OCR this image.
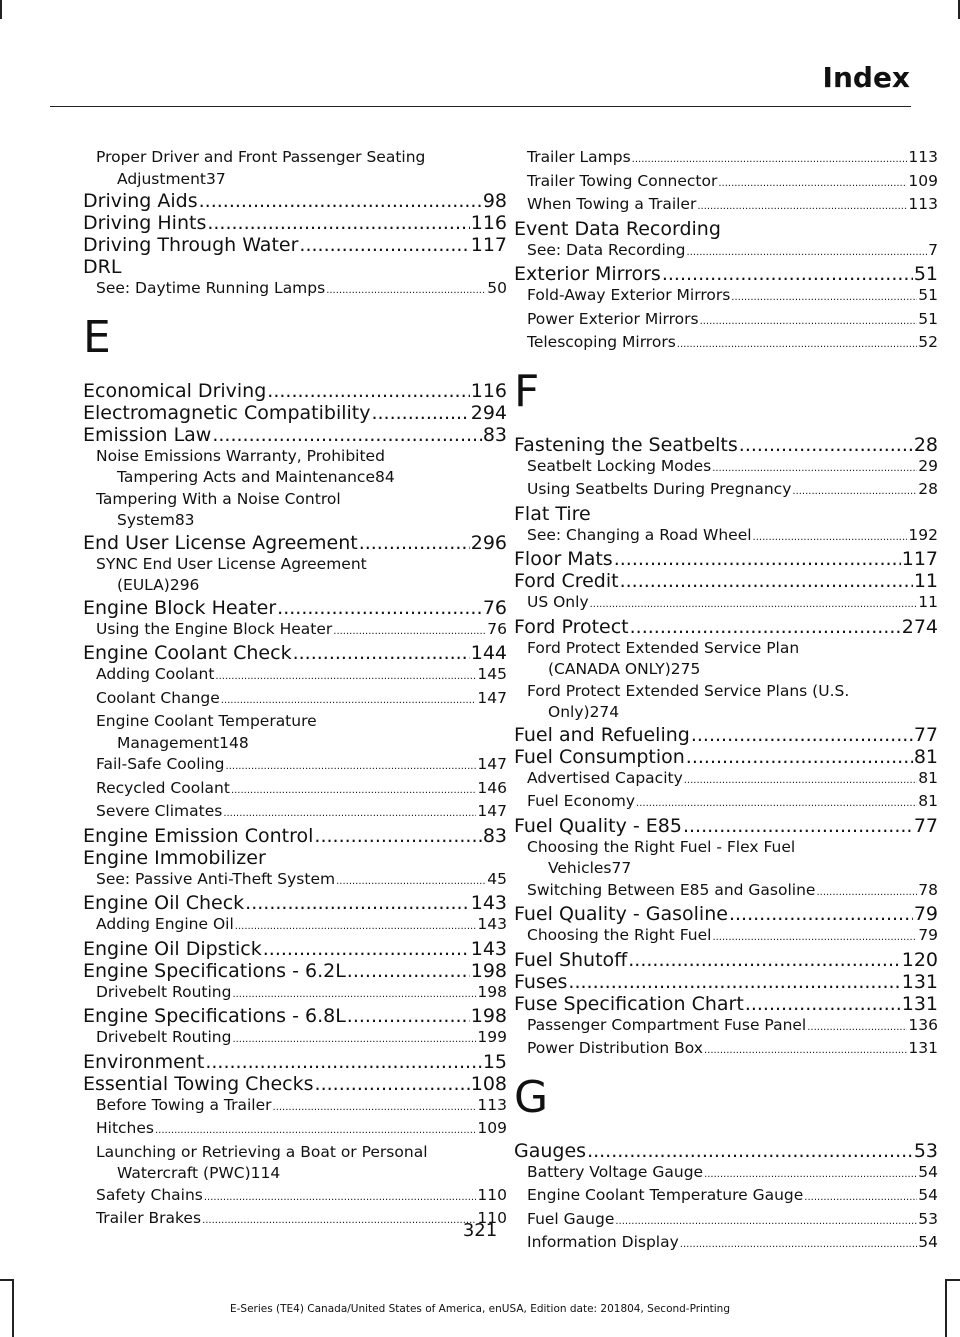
Index
Proper Driver and Front Passenger Seating
Adjustment 37
Driving Aids .....	98
Driving Hints .....	116
Driving Through Water .....	117
DRL
See: Daytime Running Lamps .....	50
E
Economical Driving .....	116
Electromagnetic Compatibility .....	294
Emission Law .....	83
Noise Emissions Warranty, Prohibited
Tampering Acts and Maintenance 84
Tampering With a Noise Control
System 83
End User License Agreement .....	296
SYNC End User License Agreement
(EULA) 296
Engine Block Heater .....	76
Using the Engine Block Heater .....	76
Engine Coolant Check .....	144
Adding Coolant .....	145
Coolant Change .....	147
Engine Coolant Temperature
Management 148
Fail-Safe Cooling .....	147
Recycled Coolant .....	146
Severe Climates .....	147
Engine Emission Control .....	83
Engine Immobilizer
See: Passive Anti-Theft System .....	45
Engine Oil Check .....	143
Adding Engine Oil .....	143
Engine Oil Dipstick .....	143
Engine Specifications - 6.2L .....	198
Drivebelt Routing .....	198
Engine Specifications - 6.8L .....	198
Drivebelt Routing .....	199
Environment .....	15
Essential Towing Checks .....	108
Before Towing a Trailer .....	113
Hitches .....	109
Launching or Retrieving a Boat or Personal
Watercraft (PWC) 114
Safety Chains .....	110
Trailer Brakes .....	110
Trailer Lamps .....	113
Trailer Towing Connector .....	109
When Towing a Trailer .....	113
Event Data Recording
See: Data Recording .....	7
Exterior Mirrors .....	51
Fold-Away Exterior Mirrors .....	51
Power Exterior Mirrors .....	51
Telescoping Mirrors .....	52
F
Fastening the Seatbelts .....	28
Seatbelt Locking Modes .....	29
Using Seatbelts During Pregnancy .....	28
Flat Tire
See: Changing a Road Wheel .....	192
Floor Mats .....	117
Ford Credit .....	11
US Only .....	11
Ford Protect .....	274
Ford Protect Extended Service Plan
(CANADA ONLY) 275
Ford Protect Extended Service Plans (U.S.
Only) 274
Fuel and Refueling .....	77
Fuel Consumption .....	81
Advertised Capacity .....	81
Fuel Economy .....	81
Fuel Quality - E85 .....	77
Choosing the Right Fuel - Flex Fuel
Vehicles 77
Switching Between E85 and Gasoline .....	78
Fuel Quality - Gasoline .....	79
Choosing the Right Fuel .....	79
Fuel Shutoff .....	120
Fuses .....	131
Fuse Specification Chart .....	131
Passenger Compartment Fuse Panel .....	136
Power Distribution Box .....	131
G
Gauges .....	53
Battery Voltage Gauge .....	54
Engine Coolant Temperature Gauge .....	54
Fuel Gauge .....	53
Information Display .....	54
321
E-Series (TE4) Canada/United States of America, enUSA, Edition date: 201804, Second-Printing
